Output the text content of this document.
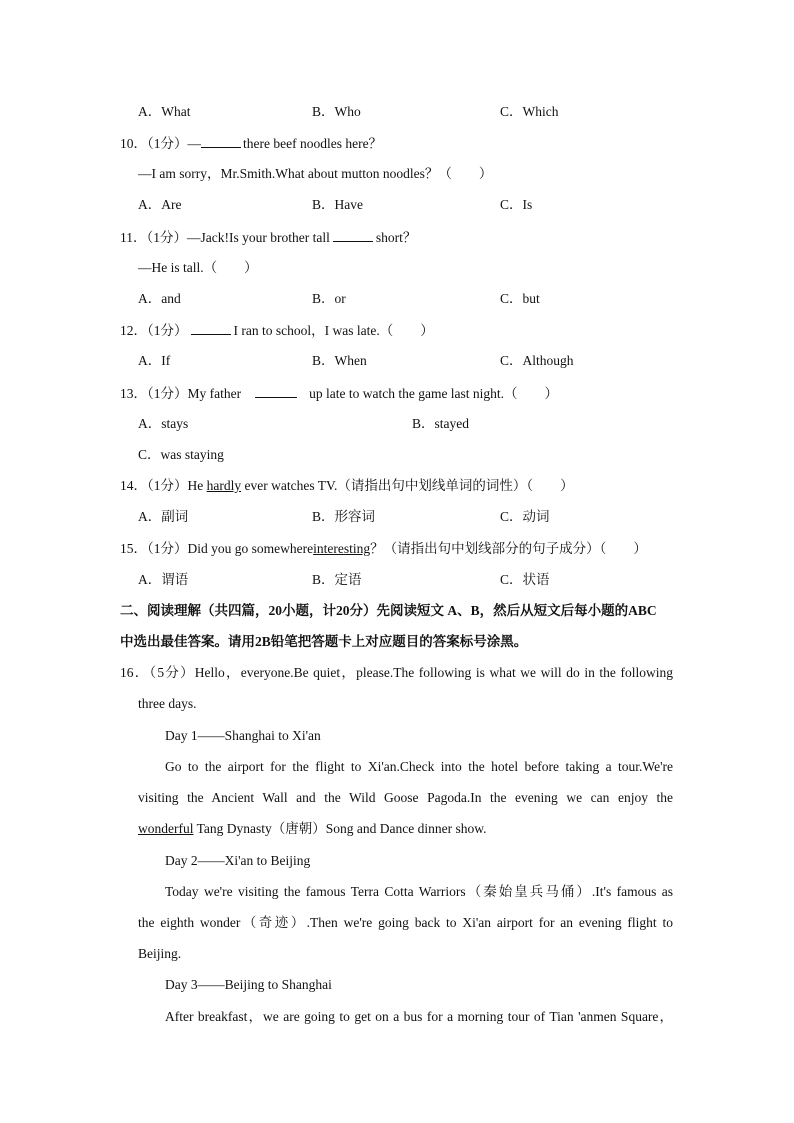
A．What	B．Who	C．Which
10．（1分）—	there beef noodles here？
—I am sorry，Mr.Smith.What about mutton noodles？（　　）
A．Are	B．Have	C．Is
11．（1分）—Jack!Is your brother tall	short？
—He is tall.（　　）
A．and	B．or	C．but
12．（1分）	I ran to school，I was late.（　　）
A．If	B．When	C．Although
13．（1分）My father	up late to watch the game last night.（　　）
A．stays	B．stayed
C．was staying
14．（1分）He hardly ever watches TV.（请指出句中划线单词的词性）（　　）
A．副词	B．形容词	C．动词
15．（1分）Did you go somewhereinteresting？（请指出句中划线部分的句子成分）（　　）
A．谓语	B．定语	C．状语
二、阅读理解（共四篇，20小题，计20分）先阅读短文 A、B，然后从短文后每小题的ABC
中选出最佳答案。请用2B铅笔把答题卡上对应题目的答案标号涂黑。
16．（5分）Hello，everyone.Be quiet，please.The following is what we will do in the following
three days.
Day 1——Shanghai to Xi'an
Go to the airport for the flight to Xi'an.Check into the hotel before taking a tour.We're
visiting the Ancient Wall and the Wild Goose Pagoda.In the evening we can enjoy the
wonderful Tang Dynasty（唐朝）Song and Dance dinner show.
Day 2——Xi'an to Beijing
Today we're visiting the famous Terra Cotta Warriors（秦始皇兵马俑）.It's famous as
the eighth wonder（奇迹）.Then we're going back to Xi'an airport for an evening flight to
Beijing.
Day 3——Beijing to Shanghai
After breakfast，we are going to get on a bus for a morning tour of Tian 'anmen Square，
